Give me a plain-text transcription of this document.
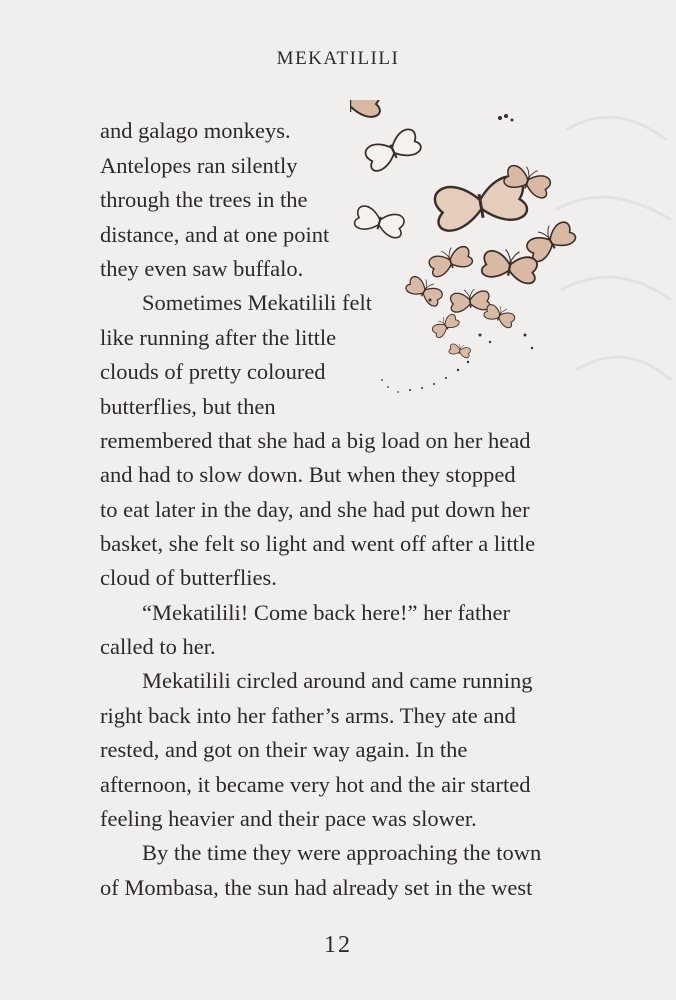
MEKATILILI
and galago monkeys.
Antelopes ran silently
through the trees in the
distance, and at one point
they even saw buffalo.
Sometimes Mekatilili felt
like running after the little
clouds of pretty coloured
butterflies, but then
remembered that she had a big load on her head
and had to slow down. But when they stopped
to eat later in the day, and she had put down her
basket, she felt so light and went off after a little
cloud of butterflies.
“Mekatilili! Come back here!” her father
called to her.
Mekatilili circled around and came running
right back into her father’s arms. They ate and
rested, and got on their way again. In the
afternoon, it became very hot and the air started
feeling heavier and their pace was slower.
By the time they were approaching the town
of Mombasa, the sun had already set in the west
12
